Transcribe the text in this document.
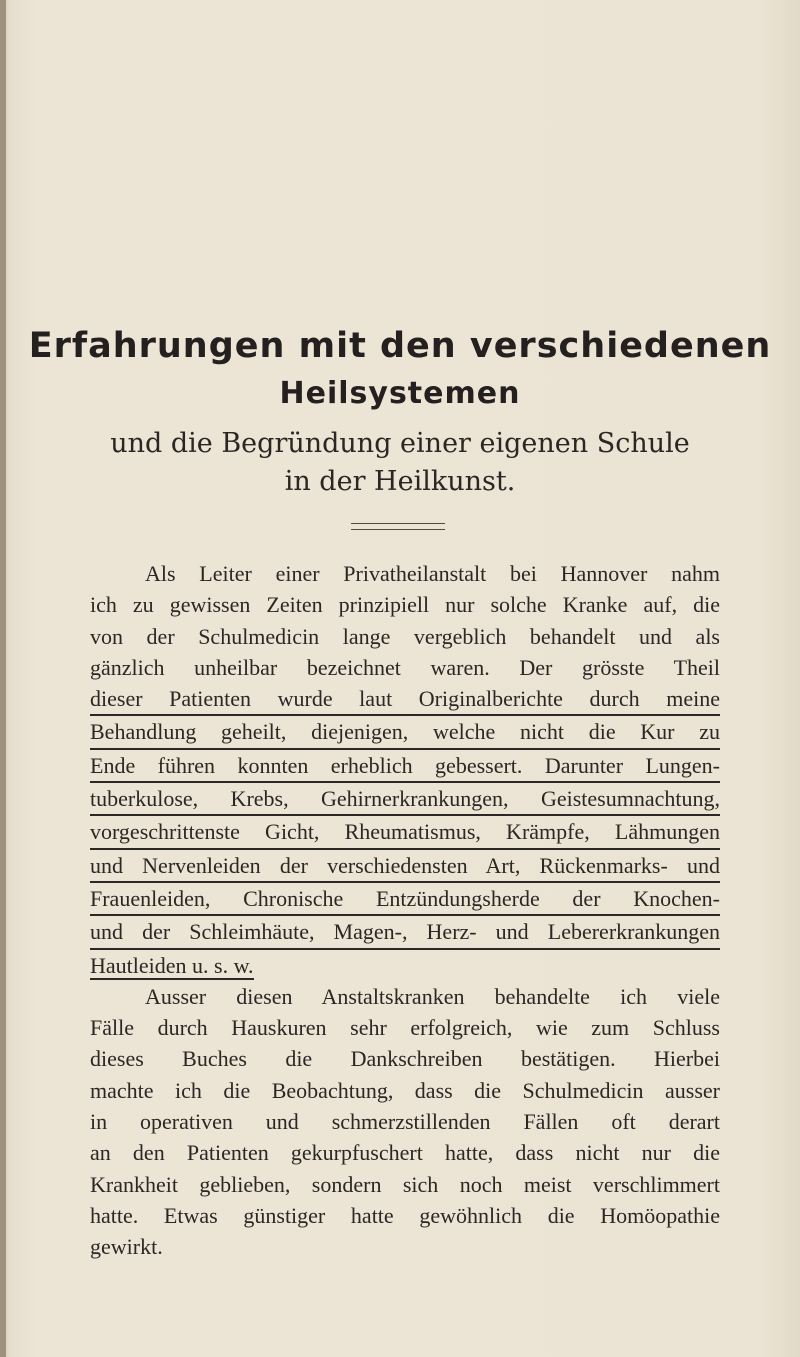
Erfahrungen mit den verschiedenen
Heilsystemen
und die Begründung einer eigenen Schule
in der Heilkunst.
Als Leiter einer Privatheilanstalt bei Hannover nahm
ich zu gewissen Zeiten prinzipiell nur solche Kranke auf, die
von der Schulmedicin lange vergeblich behandelt und als
gänzlich unheilbar bezeichnet waren. Der grösste Theil
dieser Patienten wurde laut Originalberichte durch meine
Behandlung geheilt, diejenigen, welche nicht die Kur zu
Ende führen konnten erheblich gebessert. Darunter Lungen-
tuberkulose, Krebs, Gehirnerkrankungen, Geistesumnachtung,
vorgeschrittenste Gicht, Rheumatismus, Krämpfe, Lähmungen
und Nervenleiden der verschiedensten Art, Rückenmarks- und
Frauenleiden, Chronische Entzündungsherde der Knochen-
und der Schleimhäute, Magen-, Herz- und Lebererkrankungen
Hautleiden u. s. w.
Ausser diesen Anstaltskranken behandelte ich viele
Fälle durch Hauskuren sehr erfolgreich, wie zum Schluss
dieses Buches die Dankschreiben bestätigen. Hierbei
machte ich die Beobachtung, dass die Schulmedicin ausser
in operativen und schmerzstillenden Fällen oft derart
an den Patienten gekurpfuschert hatte, dass nicht nur die
Krankheit geblieben, sondern sich noch meist verschlimmert
hatte. Etwas günstiger hatte gewöhnlich die Homöopathie
gewirkt.
